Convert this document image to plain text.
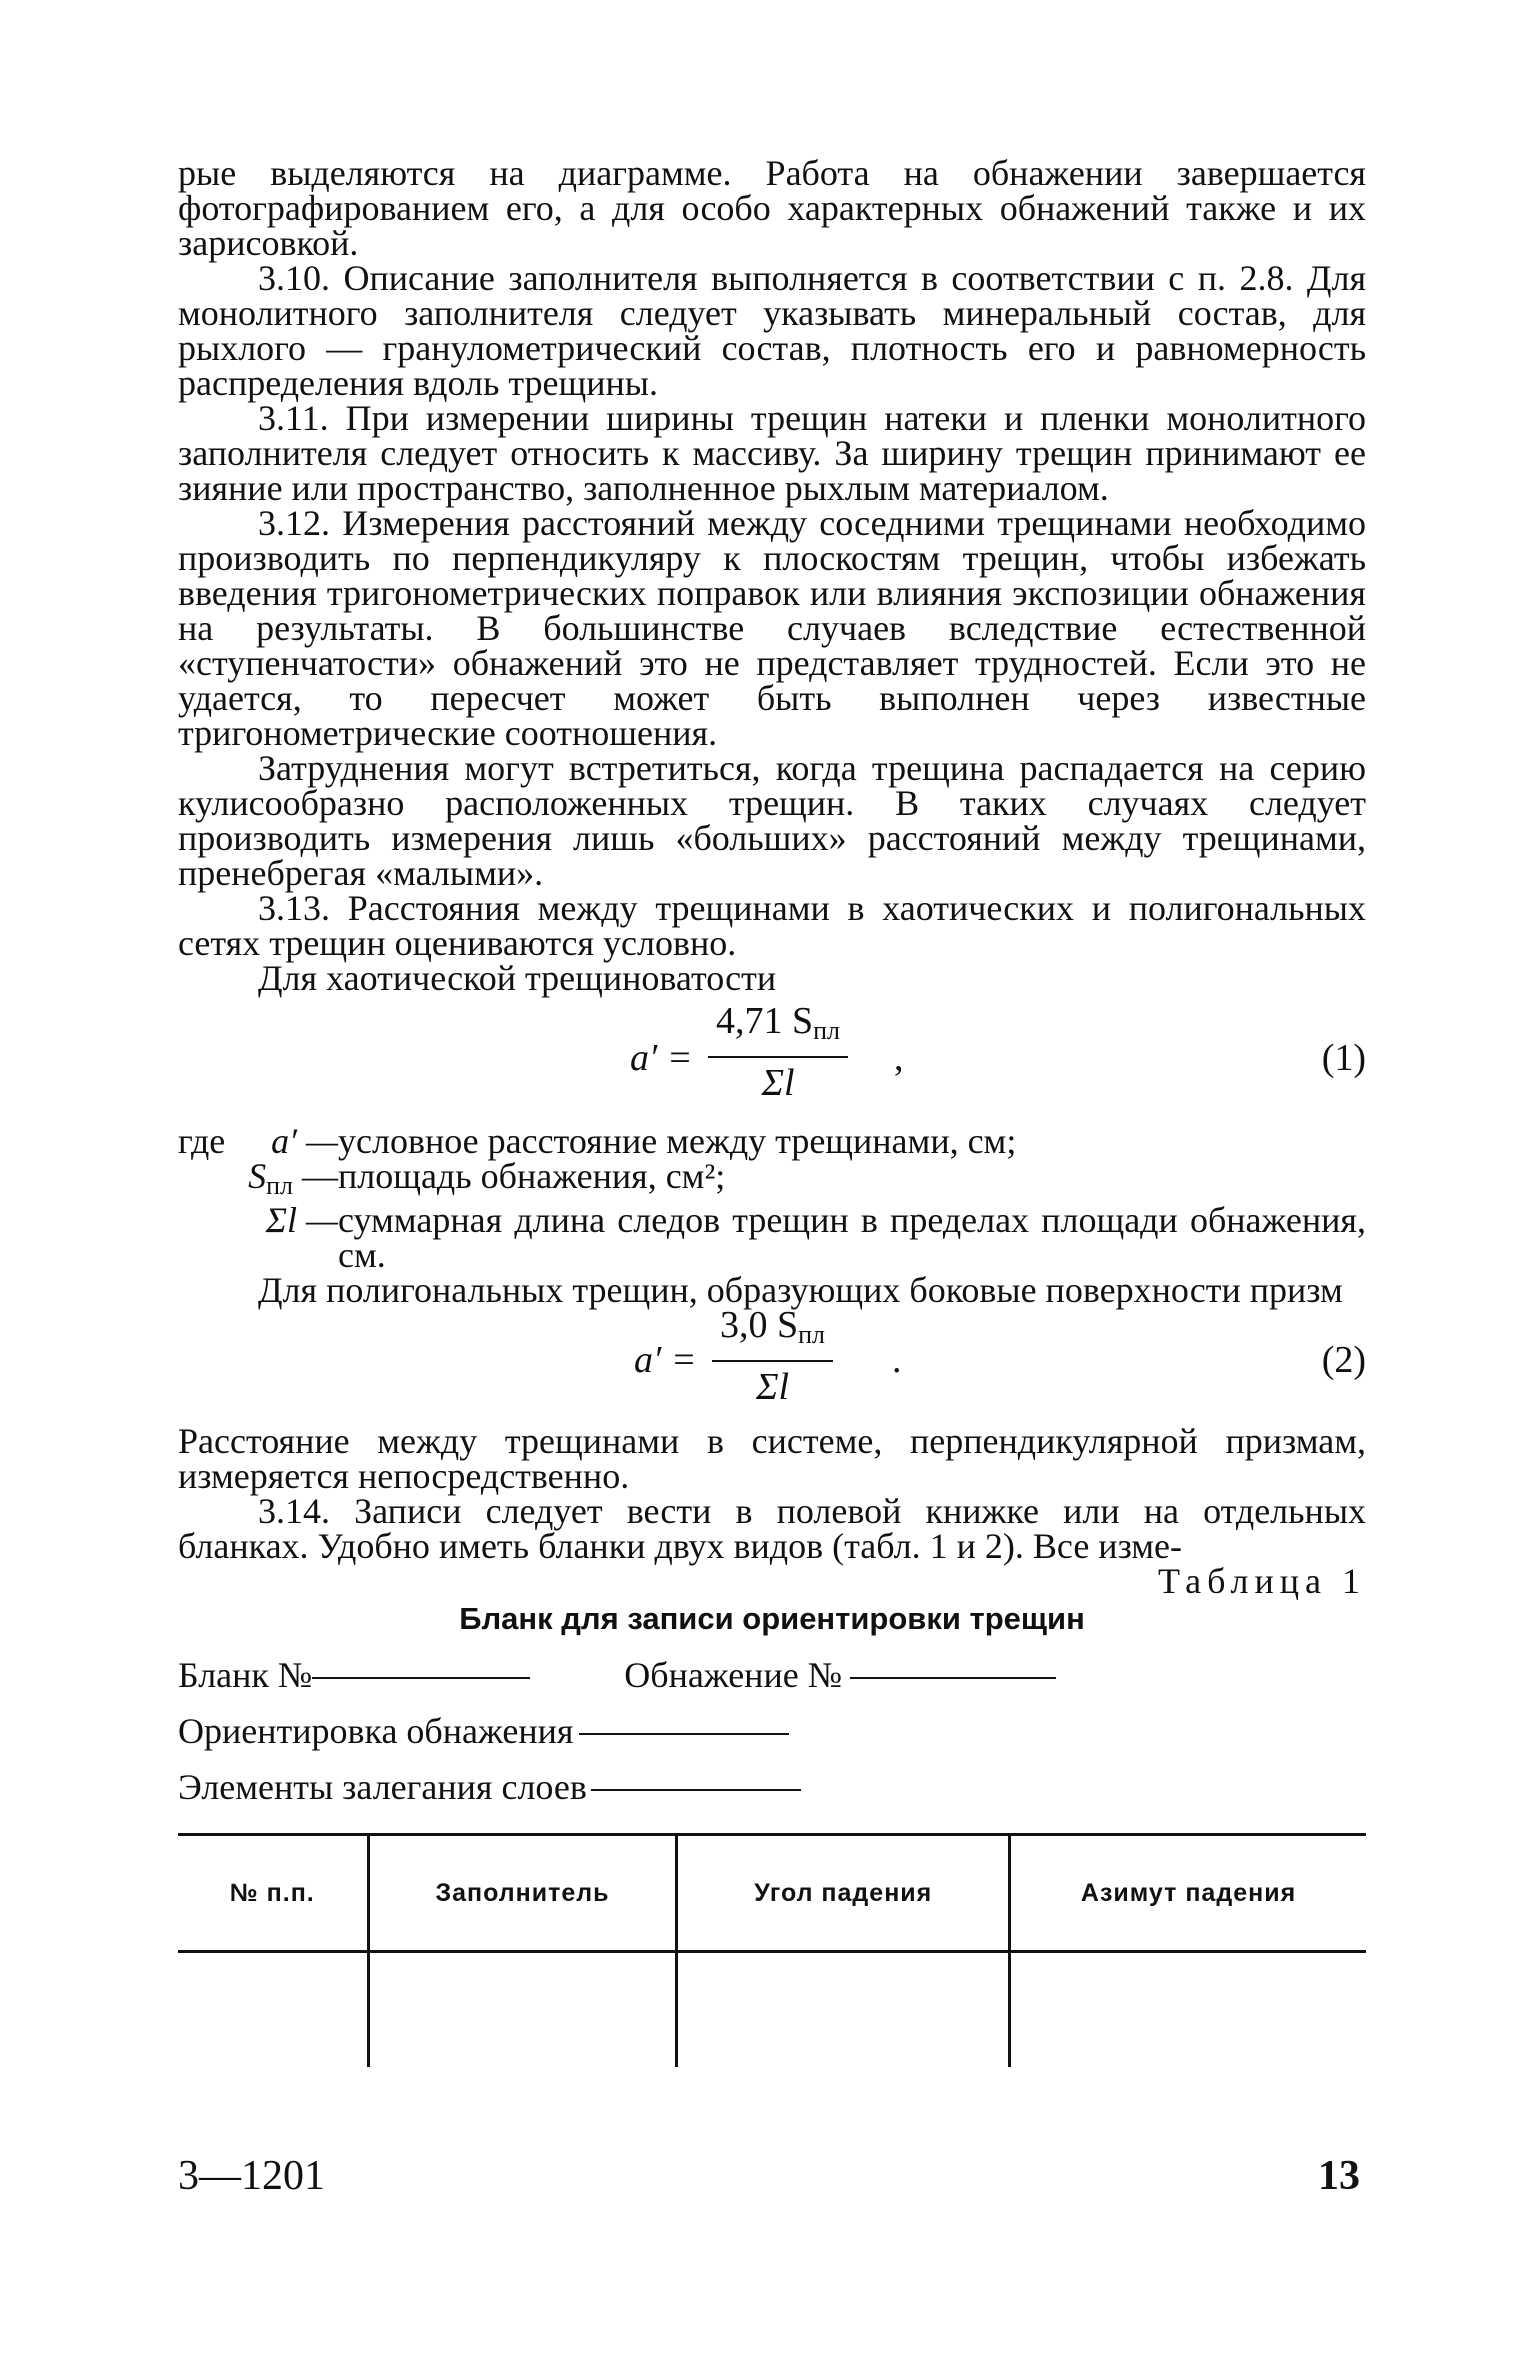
рые выделяются на диаграмме. Работа на обнажении завершается фотографированием его, а для особо характерных обнажений также и их зарисовкой.

3.10. Описание заполнителя выполняется в соответствии с п. 2.8. Для монолитного заполнителя следует указывать минеральный состав, для рыхлого — гранулометрический состав, плотность его и равномерность распределения вдоль трещины.

3.11. При измерении ширины трещин натеки и пленки монолитного заполнителя следует относить к массиву. За ширину трещин принимают ее зияние или пространство, заполненное рыхлым материалом.

3.12. Измерения расстояний между соседними трещинами необходимо производить по перпендикуляру к плоскостям трещин, чтобы избежать введения тригонометрических поправок или влияния экспозиции обнажения на результаты. В большинстве случаев вследствие естественной «ступенчатости» обнажений это не представляет трудностей. Если это не удается, то пересчет может быть выполнен через известные тригонометрические соотношения.

Затруднения могут встретиться, когда трещина распадается на серию кулисообразно расположенных трещин. В таких случаях следует производить измерения лишь «больших» расстояний между трещинами, пренебрегая «малыми».

3.13. Расстояния между трещинами в хаотических и полигональных сетях трещин оцениваются условно.

Для хаотической трещиноватости

a′ =
4,71 $S_{пл}$
Σl
,	(1)
где	a′ — условное расстояние между трещинами, см;
$S_{пл}$ — площадь обнажения, см²;
Σl — суммарная длина следов трещин в пределах площади обнажения, см.

Для полигональных трещин, образующих боковые поверхности призм

a′ =
3,0 $S_{пл}$
Σl
.	(2)

Расстояние между трещинами в системе, перпендикулярной призмам, измеряется непосредственно.

3.14. Записи следует вести в полевой книжке или на отдельных бланках. Удобно иметь бланки двух видов (табл. 1 и 2). Все изме-

Таблица 1
Бланк для записи ориентировки трещин
Бланк №	Обнажение №
Ориентировка обнажения
Элементы залегания слоев
№ п.п.	Заполнитель	Угол падения	Азимут падения

3—1201	13
